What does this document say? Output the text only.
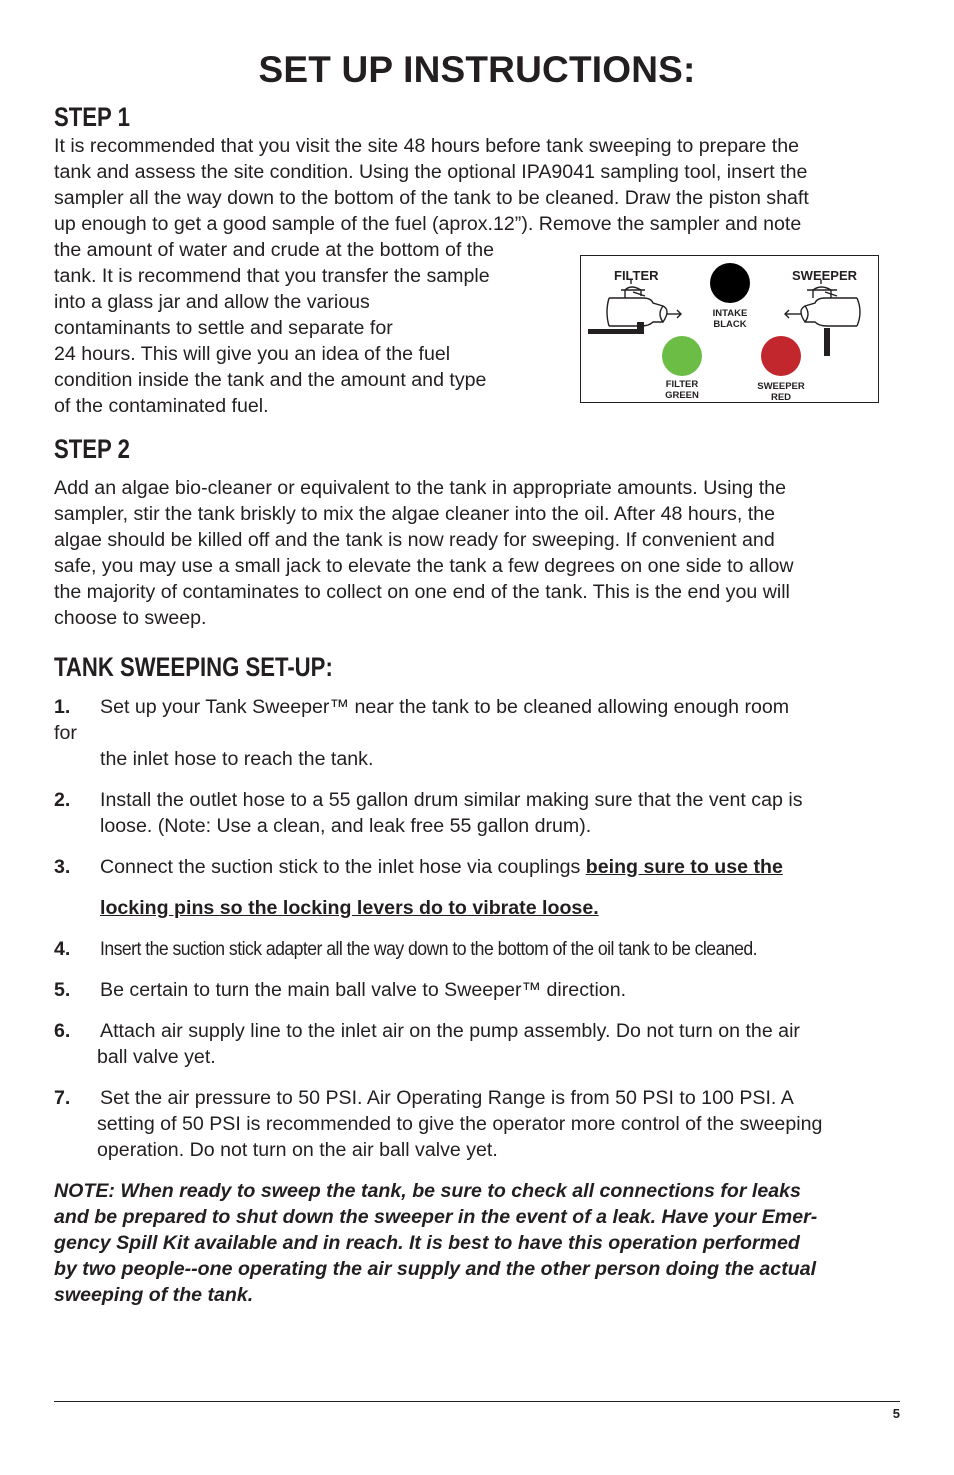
SET UP INSTRUCTIONS:
STEP 1
It is recommended that you visit the site 48 hours before tank sweeping to prepare the
tank and assess the site condition. Using the optional IPA9041 sampling tool, insert the
sampler all the way down to the bottom of the tank to be cleaned. Draw the piston shaft
up enough to get a good sample of the fuel (aprox.12”). Remove the sampler and note
the amount of water and crude at the bottom of the
tank. It is recommend that you transfer the sample
into a glass jar and allow the various
contaminants to settle and separate for
24 hours. This will give you an idea of the fuel
condition inside the tank and the amount and type
of the contaminated fuel.
FILTER	SWEEPER
INTAKE
BLACK
FILTER
GREEN
SWEEPER
RED
STEP 2
Add an algae bio-cleaner or equivalent to the tank in appropriate amounts. Using the
sampler, stir the tank briskly to mix the algae cleaner into the oil. After 48 hours, the
algae should be killed off and the tank is now ready for sweeping. If convenient and
safe, you may use a small jack to elevate the tank a few degrees on one side to allow
the majority of contaminates to collect on one end of the tank. This is the end you will
choose to sweep.
TANK SWEEPING SET-UP:
1. Set up your Tank Sweeper™ near the tank to be cleaned allowing enough room
for
the inlet hose to reach the tank.
2. Install the outlet hose to a 55 gallon drum similar making sure that the vent cap is
loose. (Note: Use a clean, and leak free 55 gallon drum).
3. Connect the suction stick to the inlet hose via couplings being sure to use the
locking pins so the locking levers do to vibrate loose.
4. Insert the suction stick adapter all the way down to the bottom of the oil tank to be cleaned.
5. Be certain to turn the main ball valve to Sweeper™ direction.
6. Attach air supply line to the inlet air on the pump assembly. Do not turn on the air
ball valve yet.
7. Set the air pressure to 50 PSI. Air Operating Range is from 50 PSI to 100 PSI. A
setting of 50 PSI is recommended to give the operator more control of the sweeping
operation. Do not turn on the air ball valve yet.
NOTE: When ready to sweep the tank, be sure to check all connections for leaks
and be prepared to shut down the sweeper in the event of a leak. Have your Emer-
gency Spill Kit available and in reach. It is best to have this operation performed
by two people--one operating the air supply and the other person doing the actual
sweeping of the tank.
5
